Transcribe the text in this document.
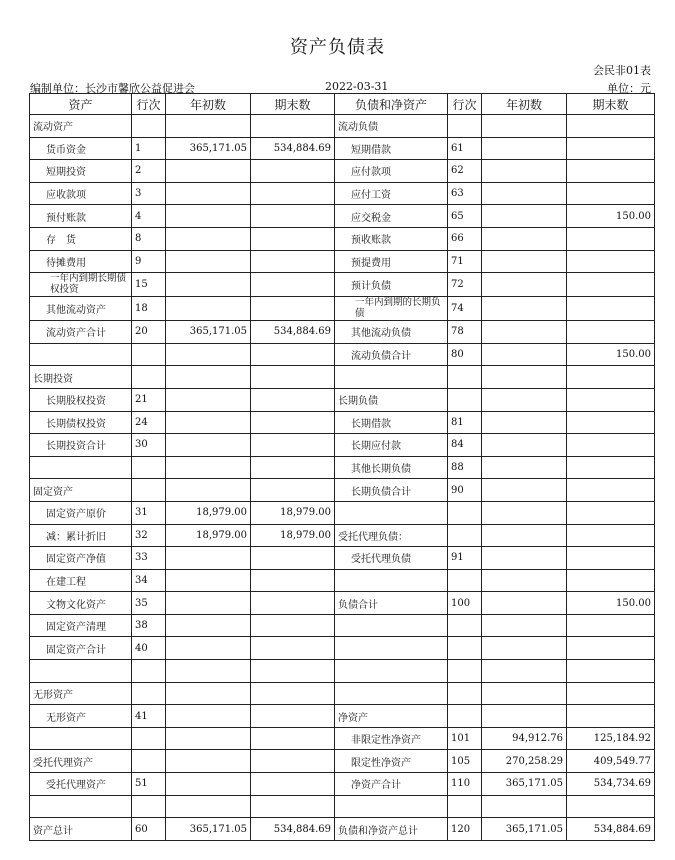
资产负债表
会民非01表
编制单位：长沙市馨欣公益促进会	2022-03-31	单位：元
资产	行次	年初数	期末数	负债和净资产	行次	年初数	期末数
流动资产				流动负债			
货币资金	1	365,171.05	534,884.69	短期借款	61		
短期投资	2			应付款项	62		
应收款项	3			应付工资	63		
预付账款	4			应交税金	65		150.00
存　货	8			预收账款	66		
待摊费用	9			预提费用	71		
一年内到期长期债权投资	15			预计负债	72		
其他流动资产	18			一年内到期的长期负债	74		
流动资产合计	20	365,171.05	534,884.69	其他流动负债	78		
				流动负债合计	80		150.00
长期投资							
长期股权投资	21			长期负债			
长期债权投资	24			长期借款	81		
长期投资合计	30			长期应付款	84		
				其他长期负债	88		
固定资产				长期负债合计	90		
固定资产原价	31	18,979.00	18,979.00				
减：累计折旧	32	18,979.00	18,979.00	受托代理负债：			
固定资产净值	33			受托代理负债	91		
在建工程	34						
文物文化资产	35			负债合计	100		150.00
固定资产清理	38						
固定资产合计	40						

无形资产							
无形资产	41			净资产			
				非限定性净资产	101	94,912.76	125,184.92
受托代理资产				限定性净资产	105	270,258.29	409,549.77
受托代理资产	51			净资产合计	110	365,171.05	534,734.69

资产总计	60	365,171.05	534,884.69	负债和净资产总计	120	365,171.05	534,884.69
